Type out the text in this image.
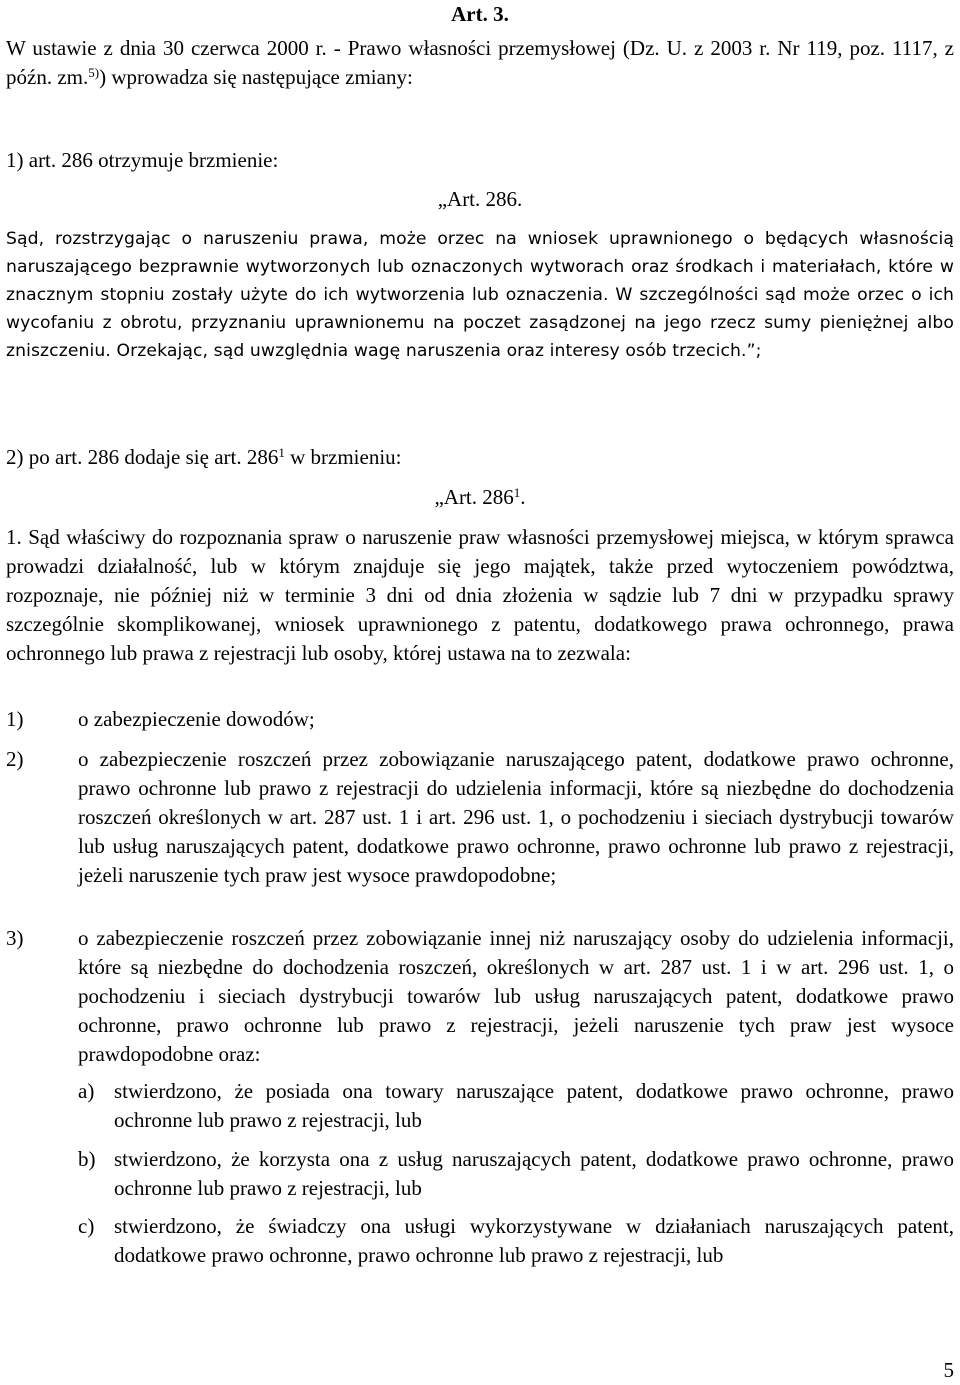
Art. 3.

W ustawie z dnia 30 czerwca 2000 r. - Prawo własności przemysłowej (Dz. U. z 2003 r. Nr 119, poz. 1117, z późn. zm.$^{5)}$) wprowadza się następujące zmiany:

1) art. 286 otrzymuje brzmienie:

„Art. 286.

Sąd, rozstrzygając o naruszeniu prawa, może orzec na wniosek uprawnionego o będących własnością naruszającego bezprawnie wytworzonych lub oznaczonych wytworach oraz środkach i materiałach, które w znacznym stopniu zostały użyte do ich wytworzenia lub oznaczenia. W szczególności sąd może orzec o ich wycofaniu z obrotu, przyznaniu uprawnionemu na poczet zasądzonej na jego rzecz sumy pieniężnej albo zniszczeniu. Orzekając, sąd uwzględnia wagę naruszenia oraz interesy osób trzecich.”;

2) po art. 286 dodaje się art. $286^1$ w brzmieniu:

„Art. $286^1$.

1. Sąd właściwy do rozpoznania spraw o naruszenie praw własności przemysłowej miejsca, w którym sprawca prowadzi działalność, lub w którym znajduje się jego majątek, także przed wytoczeniem powództwa, rozpoznaje, nie później niż w terminie 3 dni od dnia złożenia w sądzie lub 7 dni w przypadku sprawy szczególnie skomplikowanej, wniosek uprawnionego z patentu, dodatkowego prawa ochronnego, prawa ochronnego lub prawa z rejestracji lub osoby, której ustawa na to zezwala:

1)	o zabezpieczenie dowodów;
2)	o zabezpieczenie roszczeń przez zobowiązanie naruszającego patent, dodatkowe prawo ochronne, prawo ochronne lub prawo z rejestracji do udzielenia informacji, które są niezbędne do dochodzenia roszczeń określonych w art. 287 ust. 1 i art. 296 ust. 1, o pochodzeniu i sieciach dystrybucji towarów lub usług naruszających patent, dodatkowe prawo ochronne, prawo ochronne lub prawo z rejestracji, jeżeli naruszenie tych praw jest wysoce prawdopodobne;
3)	o zabezpieczenie roszczeń przez zobowiązanie innej niż naruszający osoby do udzielenia informacji, które są niezbędne do dochodzenia roszczeń, określonych w art. 287 ust. 1 i w art. 296 ust. 1, o pochodzeniu i sieciach dystrybucji towarów lub usług naruszających patent, dodatkowe prawo ochronne, prawo ochronne lub prawo z rejestracji, jeżeli naruszenie tych praw jest wysoce prawdopodobne oraz:
a) stwierdzono, że posiada ona towary naruszające patent, dodatkowe prawo ochronne, prawo ochronne lub prawo z rejestracji, lub
b) stwierdzono, że korzysta ona z usług naruszających patent, dodatkowe prawo ochronne, prawo ochronne lub prawo z rejestracji, lub
c) stwierdzono, że świadczy ona usługi wykorzystywane w działaniach naruszających patent, dodatkowe prawo ochronne, prawo ochronne lub prawo z rejestracji, lub

5
